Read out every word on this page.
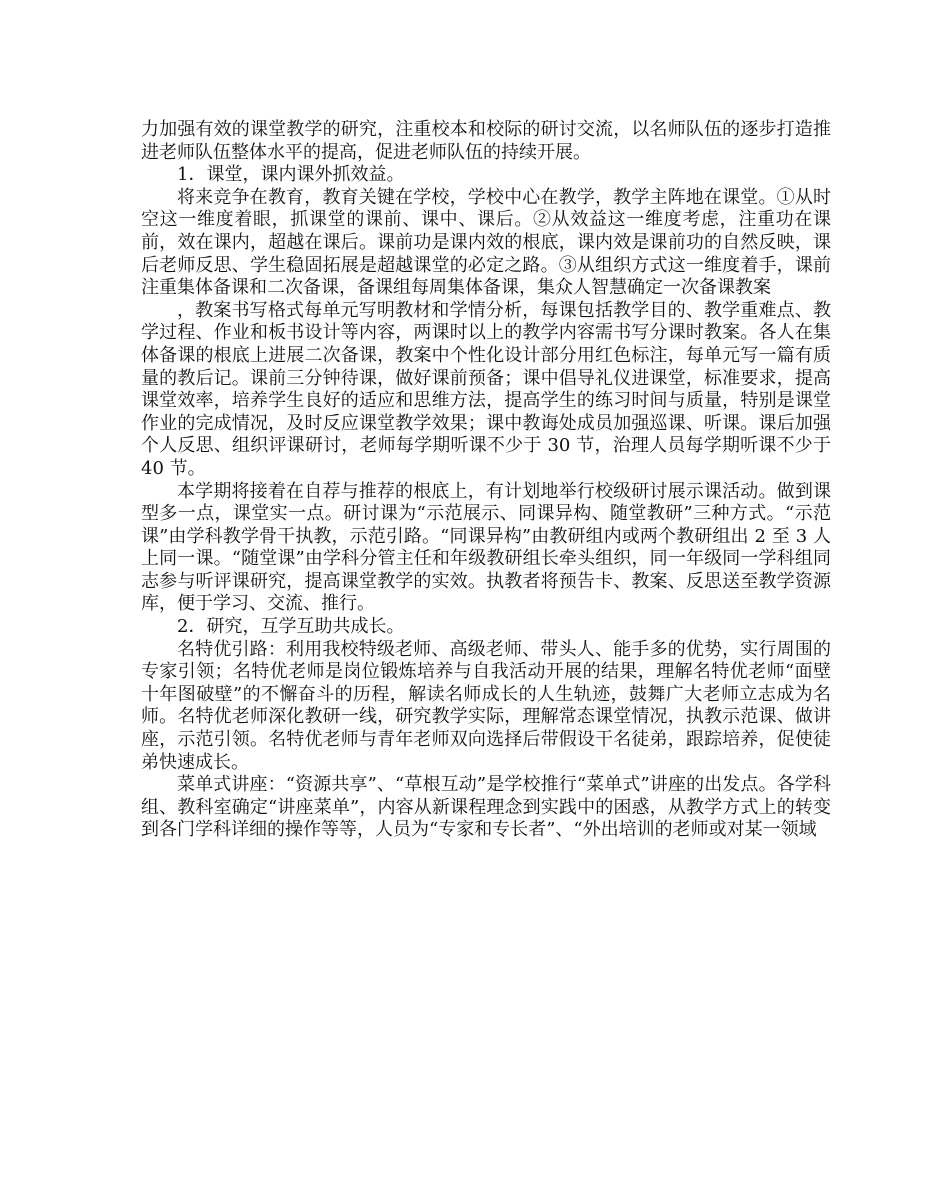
力加强有效的课堂教学的研究，注重校本和校际的研讨交流，以名师队伍的逐步打造推进老师队伍整体水平的提高，促进老师队伍的持续开展。

1．课堂，课内课外抓效益。

将来竞争在教育，教育关键在学校，学校中心在教学，教学主阵地在课堂。①从时空这一维度着眼，抓课堂的课前、课中、课后。②从效益这一维度考虑，注重功在课前，效在课内，超越在课后。课前功是课内效的根底，课内效是课前功的自然反映，课后老师反思、学生稳固拓展是超越课堂的必定之路。③从组织方式这一维度着手，课前注重集体备课和二次备课，备课组每周集体备课，集众人智慧确定一次备课教案

，教案书写格式每单元写明教材和学情分析，每课包括教学目的、教学重难点、教学过程、作业和板书设计等内容，两课时以上的教学内容需书写分课时教案。各人在集体备课的根底上进展二次备课，教案中个性化设计部分用红色标注，每单元写一篇有质量的教后记。课前三分钟待课，做好课前预备；课中倡导礼仪进课堂，标准要求，提高课堂效率，培养学生良好的适应和思维方法，提高学生的练习时间与质量，特别是课堂作业的完成情况，及时反应课堂教学效果；课中教诲处成员加强巡课、听课。课后加强个人反思、组织评课研讨，老师每学期听课不少于 30 节，治理人员每学期听课不少于 40 节。

本学期将接着在自荐与推荐的根底上，有计划地举行校级研讨展示课活动。做到课型多一点，课堂实一点。研讨课为“示范展示、同课异构、随堂教研”三种方式。“示范课”由学科教学骨干执教，示范引路。“同课异构”由教研组内或两个教研组出 2 至 3 人上同一课。“随堂课”由学科分管主任和年级教研组长牵头组织，同一年级同一学科组同志参与听评课研究，提高课堂教学的实效。执教者将预告卡、教案、反思送至教学资源库，便于学习、交流、推行。

2．研究，互学互助共成长。

名特优引路：利用我校特级老师、高级老师、带头人、能手多的优势，实行周围的专家引领；名特优老师是岗位锻炼培养与自我活动开展的结果，理解名特优老师“面壁十年图破壁”的不懈奋斗的历程，解读名师成长的人生轨迹，鼓舞广大老师立志成为名师。名特优老师深化教研一线，研究教学实际，理解常态课堂情况，执教示范课、做讲座，示范引领。名特优老师与青年老师双向选择后带假设干名徒弟，跟踪培养，促使徒弟快速成长。

菜单式讲座：“资源共享”、“草根互动”是学校推行“菜单式”讲座的出发点。各学科组、教科室确定“讲座菜单”，内容从新课程理念到实践中的困惑，从教学方式上的转变到各门学科详细的操作等等，人员为“专家和专长者”、“外出培训的老师或对某一领域
